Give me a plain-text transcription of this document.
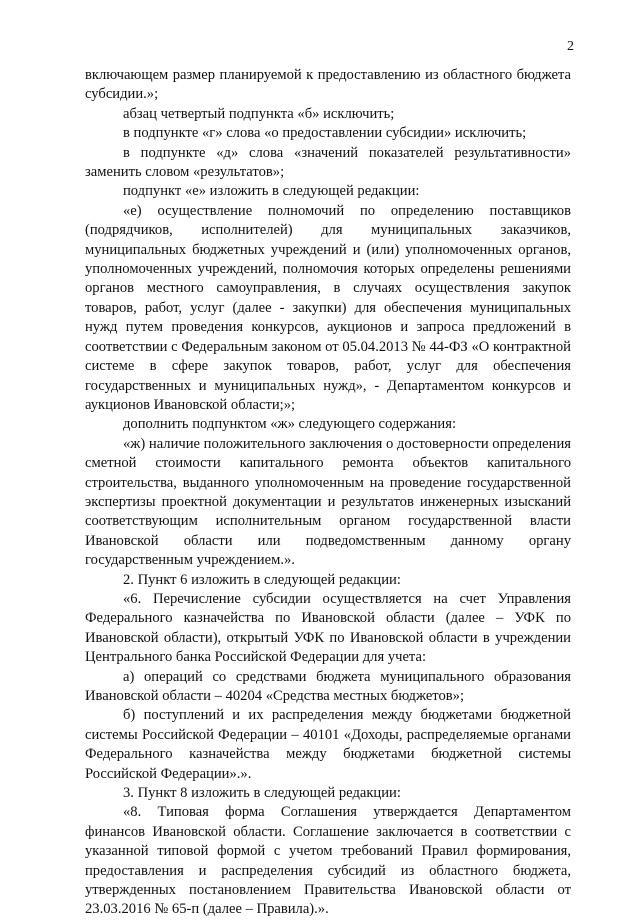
2

включающем размер планируемой к предоставлению из областного бюджета субсидии.»;

абзац четвертый подпункта «б» исключить;

в подпункте «г» слова «о предоставлении субсидии» исключить;

в подпункте «д» слова «значений показателей результативности» заменить словом «результатов»;

подпункт «е» изложить в следующей редакции:

«е) осуществление полномочий по определению поставщиков (подрядчиков, исполнителей) для муниципальных заказчиков, муниципальных бюджетных учреждений и (или) уполномоченных органов, уполномоченных учреждений, полномочия которых определены решениями органов местного самоуправления, в случаях осуществления закупок товаров, работ, услуг (далее - закупки) для обеспечения муниципальных нужд путем проведения конкурсов, аукционов и запроса предложений в соответствии с Федеральным законом от 05.04.2013 № 44-ФЗ «О контрактной системе в сфере закупок товаров, работ, услуг для обеспечения государственных и муниципальных нужд», - Департаментом конкурсов и аукционов Ивановской области;»;

дополнить подпунктом «ж» следующего содержания:

«ж) наличие положительного заключения о достоверности определения сметной стоимости капитального ремонта объектов капитального строительства, выданного уполномоченным на проведение государственной экспертизы проектной документации и результатов инженерных изысканий соответствующим исполнительным органом государственной власти Ивановской области или подведомственным данному органу государственным учреждением.».

2. Пункт 6 изложить в следующей редакции:

«6. Перечисление субсидии осуществляется на счет Управления Федерального казначейства по Ивановской области (далее – УФК по Ивановской области), открытый УФК по Ивановской области в учреждении Центрального банка Российской Федерации для учета:

а) операций со средствами бюджета муниципального образования Ивановской области – 40204 «Средства местных бюджетов»;

б) поступлений и их распределения между бюджетами бюджетной системы Российской Федерации – 40101 «Доходы, распределяемые органами Федерального казначейства между бюджетами бюджетной системы Российской Федерации».».

3. Пункт 8 изложить в следующей редакции:

«8. Типовая форма Соглашения утверждается Департаментом финансов Ивановской области. Соглашение заключается в соответствии с указанной типовой формой с учетом требований Правил формирования, предоставления и распределения субсидий из областного бюджета, утвержденных постановлением Правительства Ивановской области от 23.03.2016 № 65-п (далее – Правила).».
